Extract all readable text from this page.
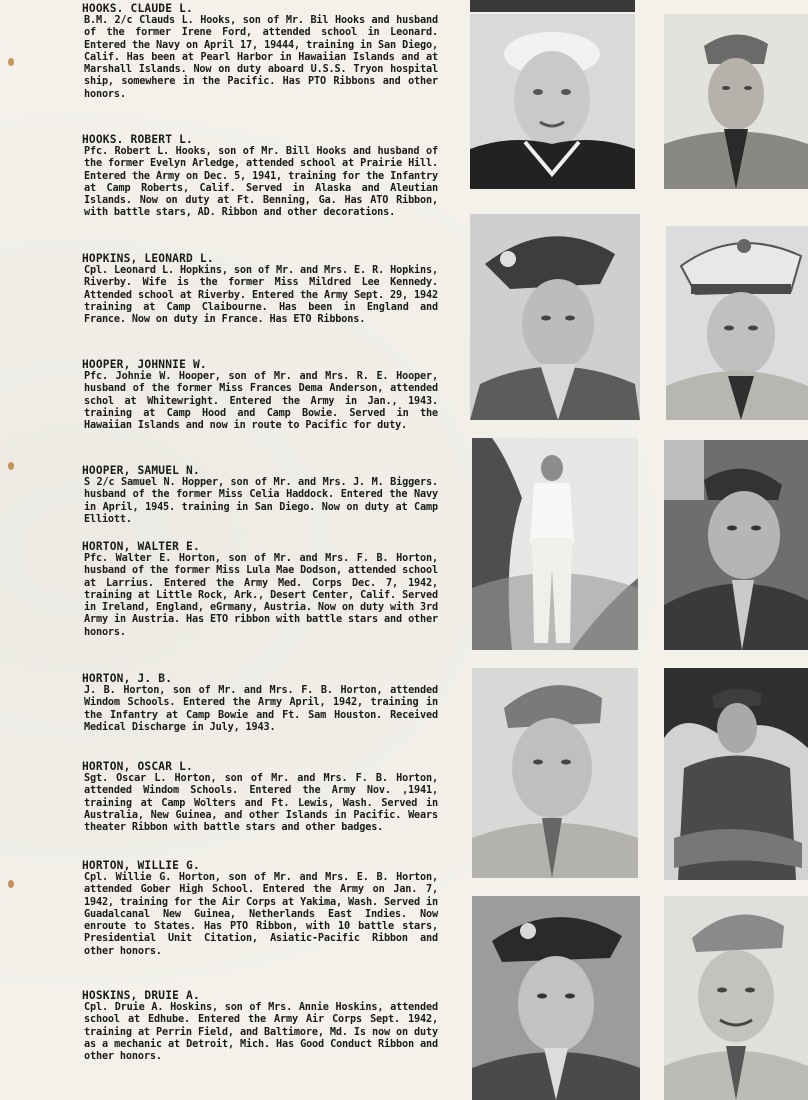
HOOKS. CLAUDE L.
B.M. 2/c Clauds L. Hooks, son of Mr. Bil Hooks and husband of the former Irene Ford, attended school in Leonard. Entered the Navy on April 17, 19444, training in San Diego, Calif. Has been at Pearl Harbor in Hawaiian Islands and at Marshall Islands. Now on duty aboard U.S.S. Tryon hospital ship, somewhere in the Pacific. Has PTO Ribbons and other honors.
HOOKS. ROBERT L.
Pfc. Robert L. Hooks, son of Mr. Bill Hooks and husband of the former Evelyn Arledge, attended school at Prairie Hill. Entered the Army on Dec. 5, 1941, training for the Infantry at Camp Roberts, Calif. Served in Alaska and Aleutian Islands. Now on duty at Ft. Benning, Ga. Has ATO Ribbon, with battle stars, AD. Ribbon and other decorations.
HOPKINS, LEONARD L.
Cpl. Leonard L. Hopkins, son of Mr. and Mrs. E. R. Hopkins, Riverby. Wife is the former Miss Mildred Lee Kennedy. Attended school at Riverby. Entered the Army Sept. 29, 1942 training at Camp Claibourne. Has been in England and France. Now on duty in France. Has ETO Ribbons.
HOOPER, JOHNNIE W.
Pfc. Johnie W. Hooper, son of Mr. and Mrs. R. E. Hooper, husband of the former Miss Frances Dema Anderson, attended schol at Whitewright. Entered the Army in Jan., 1943. training at Camp Hood and Camp Bowie. Served in the Hawaiian Islands and now in route to Pacific for duty.
HOOPER, SAMUEL N.
S 2/c Samuel N. Hopper, son of Mr. and Mrs. J. M. Biggers. husband of the former Miss Celia Haddock. Entered the Navy in April, 1945. training in San Diego. Now on duty at Camp Elliott.
HORTON, WALTER E.
Pfc. Walter E. Horton, son of Mr. and Mrs. F. B. Horton, husband of the former Miss Lula Mae Dodson, attended school at Larrius. Entered the Army Med. Corps Dec. 7, 1942, training at Little Rock, Ark., Desert Center, Calif. Served in Ireland, England, eGrmany, Austria. Now on duty with 3rd Army in Austria. Has ETO ribbon with battle stars and other honors.
HORTON, J. B.
J. B. Horton, son of Mr. and Mrs. F. B. Horton, attended Windom Schools. Entered the Army April, 1942, training in the Infantry at Camp Bowie and Ft. Sam Houston. Received Medical Discharge in July, 1943.
HORTON, OSCAR L.
Sgt. Oscar L. Horton, son of Mr. and Mrs. F. B. Horton, attended Windom Schools. Entered the Army Nov. ,1941, training at Camp Wolters and Ft. Lewis, Wash. Served in Australia, New Guinea, and other Islands in Pacific. Wears theater Ribbon with battle stars and other badges.
HORTON, WILLIE G.
Cpl. Willie G. Horton, son of Mr. and Mrs. E. B. Horton, attended Gober High School. Entered the Army on Jan. 7, 1942, training for the Air Corps at Yakima, Wash. Served in Guadalcanal New Guinea, Netherlands East Indies. Now enroute to States. Has PTO Ribbon, with 10 battle stars, Presidential Unit Citation, Asiatic-Pacific Ribbon and other honors.
HOSKINS, DRUIE A.
Cpl. Druie A. Hoskins, son of Mrs. Annie Hoskins, attended school at Edhube. Entered the Army Air Corps Sept. 1942, training at Perrin Field, and Baltimore, Md. Is now on duty as a mechanic at Detroit, Mich. Has Good Conduct Ribbon and other honors.
